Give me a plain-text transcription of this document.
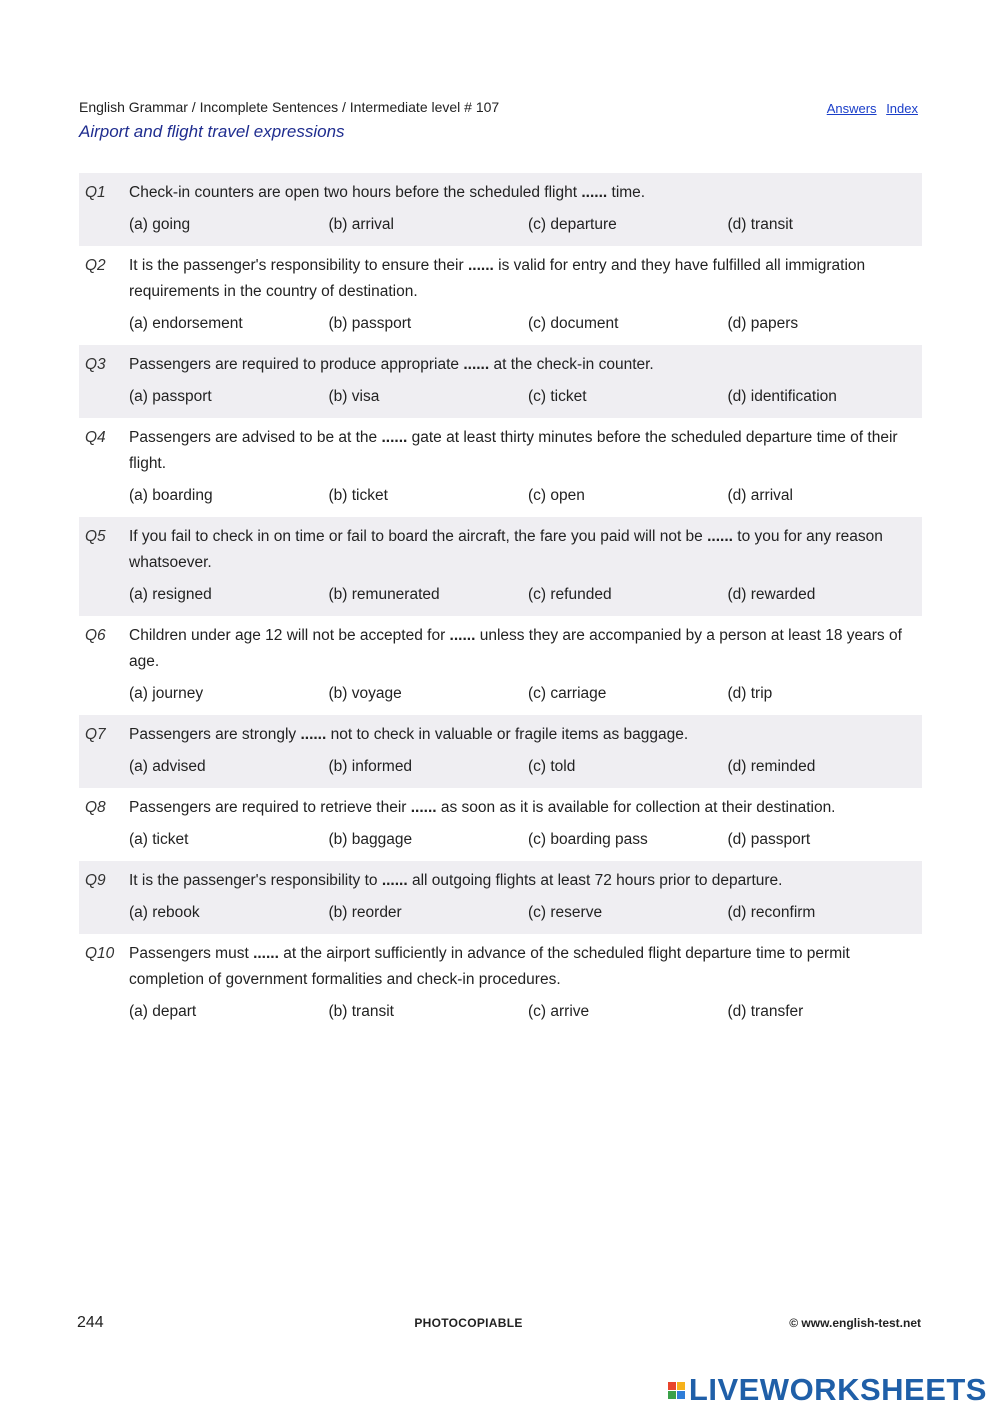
English Grammar / Incomplete Sentences / Intermediate level # 107	Answers Index
Airport and flight travel expressions
Q1	Check-in counters are open two hours before the scheduled flight ...... time.
(a) going	(b) arrival	(c) departure	(d) transit
Q2	It is the passenger's responsibility to ensure their ...... is valid for entry and they have fulfilled all immigration requirements in the country of destination.
(a) endorsement	(b) passport	(c) document	(d) papers
Q3	Passengers are required to produce appropriate ...... at the check-in counter.
(a) passport	(b) visa	(c) ticket	(d) identification
Q4	Passengers are advised to be at the ...... gate at least thirty minutes before the scheduled departure time of their flight.
(a) boarding	(b) ticket	(c) open	(d) arrival
Q5	If you fail to check in on time or fail to board the aircraft, the fare you paid will not be ...... to you for any reason whatsoever.
(a) resigned	(b) remunerated	(c) refunded	(d) rewarded
Q6	Children under age 12 will not be accepted for ...... unless they are accompanied by a person at least 18 years of age.
(a) journey	(b) voyage	(c) carriage	(d) trip
Q7	Passengers are strongly ...... not to check in valuable or fragile items as baggage.
(a) advised	(b) informed	(c) told	(d) reminded
Q8	Passengers are required to retrieve their ...... as soon as it is available for collection at their destination.
(a) ticket	(b) baggage	(c) boarding pass	(d) passport
Q9	It is the passenger's responsibility to ...... all outgoing flights at least 72 hours prior to departure.
(a) rebook	(b) reorder	(c) reserve	(d) reconfirm
Q10 Passengers must ...... at the airport sufficiently in advance of the scheduled flight departure time to permit completion of government formalities and check-in procedures.
(a) depart	(b) transit	(c) arrive	(d) transfer
244	PHOTOCOPIABLE	© www.english-test.net
LIVEWORKSHEETS
